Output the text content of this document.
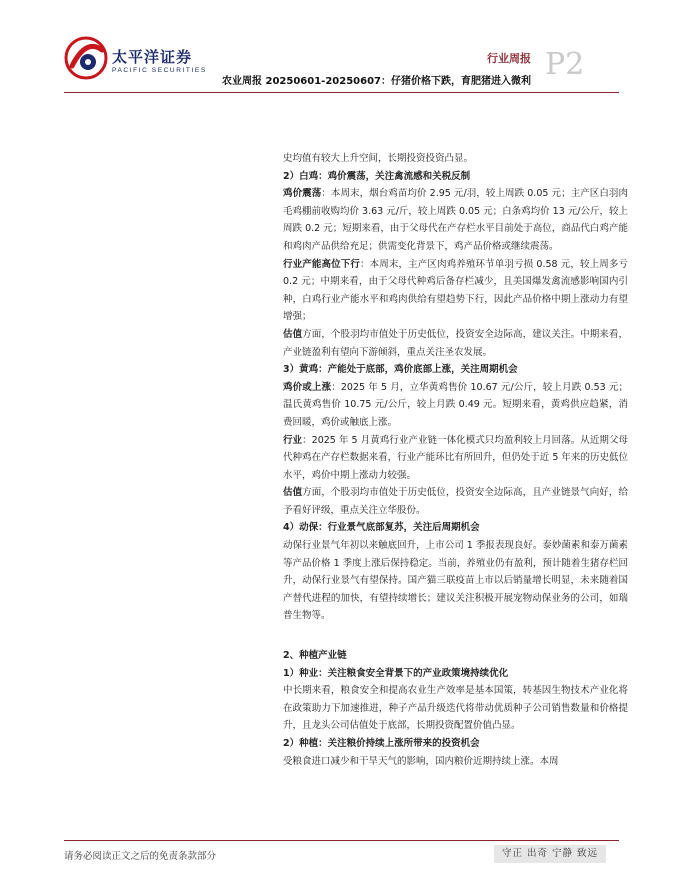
太平洋证券
PACIFIC SECURITIES
行业周报
农业周报 20250601-20250607：仔猪价格下跌，育肥猪进入微利 P2

史均值有较大上升空间，长期投资投资凸显。

2）白鸡：鸡价震荡，关注禽流感和关税反制

鸡价震荡：本周末，烟台鸡苗均价 2.95 元/羽，较上周跌 0.05 元；主产区白羽肉毛鸡棚前收购均价 3.63 元/斤，较上周跌 0.05 元；白条鸡均价 13 元/公斤，较上周跌 0.2 元；短期来看，由于父母代在产存栏水平目前处于高位，商品代白鸡产能和鸡肉产品供给充足；供需变化背景下，鸡产品价格或继续震荡。

行业产能高位下行：本周末，主产区肉鸡养殖环节单羽亏损 0.58 元，较上周多亏 0.2 元；中期来看，由于父母代种鸡后备存栏减少，且美国爆发禽流感影响国内引种，白鸡行业产能水平和鸡肉供给有望趋势下行，因此产品价格中期上涨动力有望增强；

估值方面，个股羽均市值处于历史低位，投资安全边际高，建议关注。中期来看，产业链盈利有望向下游倾斜，重点关注圣农发展。

3）黄鸡：产能处于底部，鸡价底部上涨，关注周期机会

鸡价或上涨：2025 年 5 月，立华黄鸡售价 10.67 元/公斤，较上月跌 0.53 元；温氏黄鸡售价 10.75 元/公斤，较上月跌 0.49 元。短期来看，黄鸡供应趋紧，消费回暖，鸡价或触底上涨。

行业：2025 年 5 月黄鸡行业产业链一体化模式只均盈利较上月回落。从近期父母代种鸡在产存栏数据来看，行业产能环比有所回升，但仍处于近 5 年来的历史低位水平，鸡价中期上涨动力较强。

估值方面，个股羽均市值处于历史低位，投资安全边际高，且产业链景气向好，给予看好评级，重点关注立华股份。

4）动保：行业景气底部复苏，关注后周期机会

动保行业景气年初以来触底回升，上市公司 1 季报表现良好。泰妙菌素和泰万菌素等产品价格 1 季度上涨后保持稳定。当前，养殖业仍有盈利，预计随着生猪存栏回升，动保行业景气有望保持。国产猫三联疫苗上市以后销量增长明显，未来随着国产替代进程的加快，有望持续增长；建议关注积极开展宠物动保业务的公司，如瑞普生物等。

2、种植产业链

1）种业：关注粮食安全背景下的产业政策境持续优化

中长期来看，粮食安全和提高农业生产效率是基本国策，转基因生物技术产业化将在政策助力下加速推进，种子产品升级迭代将带动优质种子公司销售数量和价格提升，且龙头公司估值处于底部，长期投资配置价值凸显。

2）种植：关注粮价持续上涨所带来的投资机会

受粮食进口减少和干旱天气的影响，国内粮价近期持续上涨。本周

请务必阅读正文之后的免责条款部分	守正 出奇 宁静 致远
